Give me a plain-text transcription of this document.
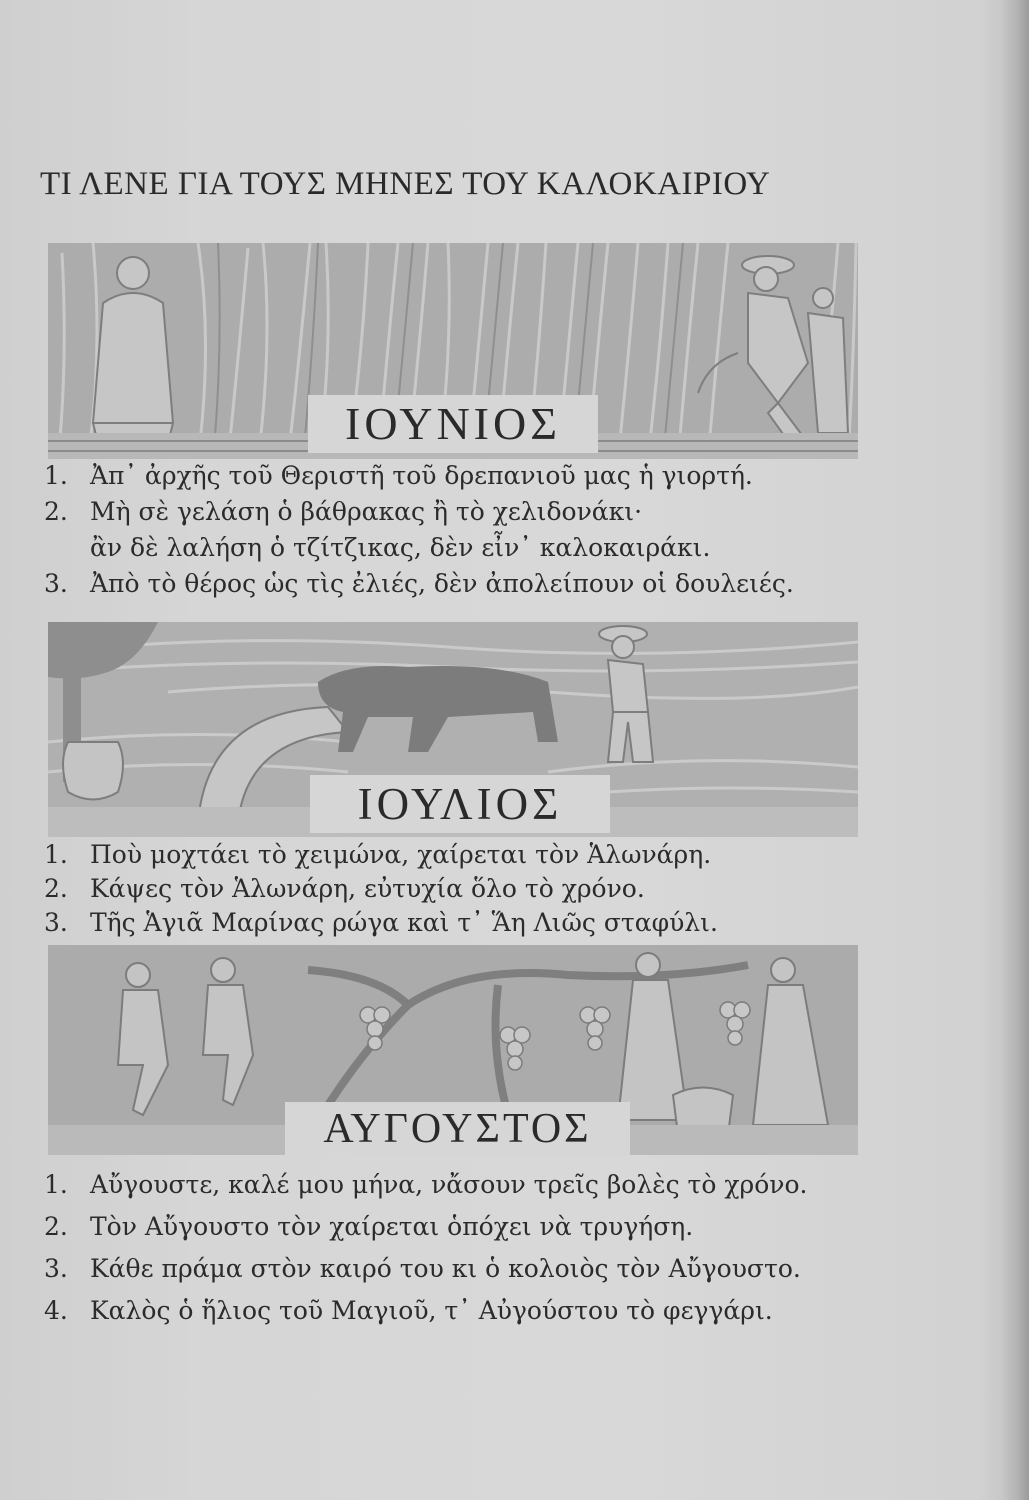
ΤΙ ΛΕΝΕ ΓΙΑ ΤΟΥΣ ΜΗΝΕΣ ΤΟΥ ΚΑΛΟΚΑΙΡΙΟΥ
ΙΟΥΝΙΟΣ
1. Ἀπ᾿ ἀρχῆς τοῦ Θεριστῆ τοῦ δρεπανιοῦ μας ἡ γιορτή.
2. Μὴ σὲ γελάση ὁ βάθρακας ἢ τὸ χελιδονάκι·
ἂν δὲ λαλήση ὁ τζίτζικας, δὲν εἶν᾿ καλοκαιράκι.
3. Ἀπὸ τὸ θέρος ὡς τὶς ἐλιές, δὲν ἀπολείπουν οἱ δουλειές.
ΙΟΥΛΙΟΣ
1. Ποὺ μοχτάει τὸ χειμώνα, χαίρεται τὸν Ἁλωνάρη.
2. Κάψες τὸν Ἁλωνάρη, εὐτυχία ὅλο τὸ χρόνο.
3. Τῆς Ἁγιᾶ Μαρίνας ρώγα καὶ τ᾿ Ἅη Λιῶς σταφύλι.
ΑΥΓΟΥΣΤΟΣ
1. Αὔγουστε, καλέ μου μήνα, νἄσουν τρεῖς βολὲς τὸ χρόνο.
2. Τὸν Αὔγουστο τὸν χαίρεται ὁπόχει νὰ τρυγήση.
3. Κάθε πράμα στὸν καιρό του κι ὁ κολοιὸς τὸν Αὔγουστο.
4. Καλὸς ὁ ἥλιος τοῦ Μαγιοῦ, τ᾿ Αὐγούστου τὸ φεγγάρι.
